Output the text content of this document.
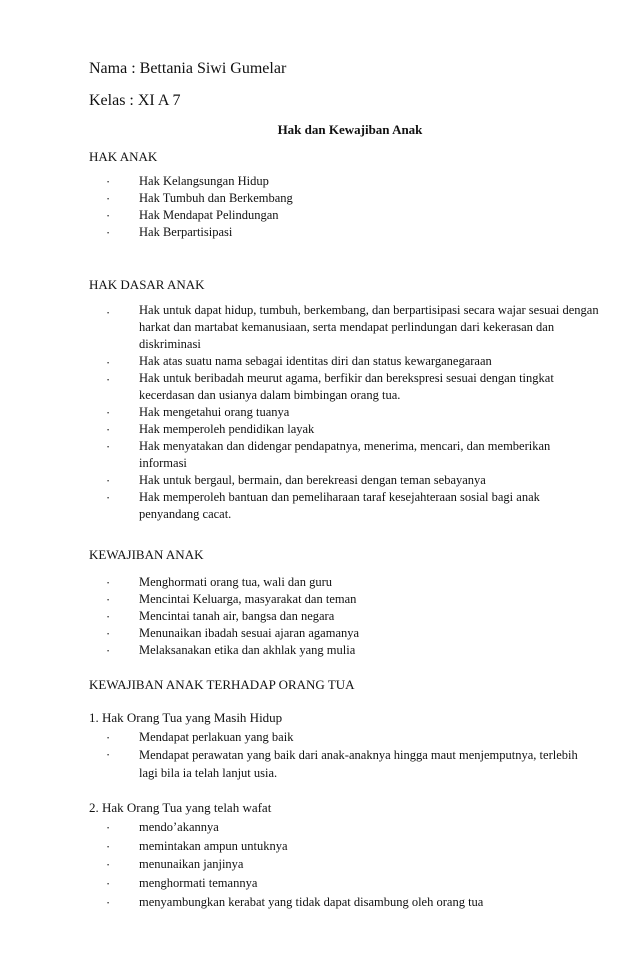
Nama : Bettania Siwi Gumelar
Kelas : XI A 7
Hak dan Kewajiban Anak
HAK ANAK
· Hak Kelangsungan Hidup
· Hak Tumbuh dan Berkembang
· Hak Mendapat Pelindungan
· Hak Berpartisipasi
HAK DASAR ANAK
· Hak untuk dapat hidup, tumbuh, berkembang, dan berpartisipasi secara wajar sesuai dengan harkat dan martabat kemanusiaan, serta mendapat perlindungan dari kekerasan dan diskriminasi
· Hak atas suatu nama sebagai identitas diri dan status kewarganegaraan
· Hak untuk beribadah meurut agama, berfikir dan berekspresi sesuai dengan tingkat kecerdasan dan usianya dalam bimbingan orang tua.
· Hak mengetahui orang tuanya
· Hak memperoleh pendidikan layak
· Hak menyatakan dan didengar pendapatnya, menerima, mencari, dan memberikan informasi
· Hak untuk bergaul, bermain, dan berekreasi dengan teman sebayanya
· Hak memperoleh bantuan dan pemeliharaan taraf kesejahteraan sosial bagi anak penyandang cacat.
KEWAJIBAN ANAK
· Menghormati orang tua, wali dan guru
· Mencintai Keluarga, masyarakat dan teman
· Mencintai tanah air, bangsa dan negara
· Menunaikan ibadah sesuai ajaran agamanya
· Melaksanakan etika dan akhlak yang mulia
KEWAJIBAN ANAK TERHADAP ORANG TUA
1. Hak Orang Tua yang Masih Hidup
· Mendapat perlakuan yang baik
· Mendapat perawatan yang baik dari anak-anaknya hingga maut menjemputnya, terlebih lagi bila ia telah lanjut usia.
2. Hak Orang Tua yang telah wafat
· mendo’akannya
· memintakan ampun untuknya
· menunaikan janjinya
· menghormati temannya
· menyambungkan kerabat yang tidak dapat disambung oleh orang tua
